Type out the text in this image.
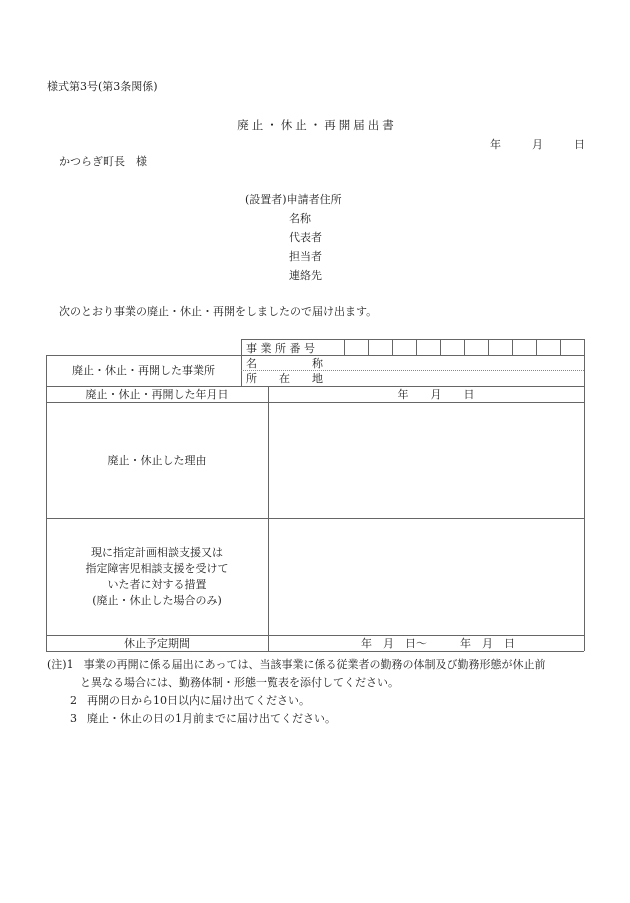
様式第3号(第3条関係)
廃止・休止・再開届出書
年	月	日
かつらぎ町長　様
(設置者)申請者住所
名称
代表者
担当者
連絡先
次のとおり事業の廃止・休止・再開をしましたので届け出ます。
事 業 所 番 号
廃止・休止・再開した事業所
名　　　　　称
所　　在　　地
廃止・休止・再開した年月日	年　　月　　日
廃止・休止した理由
現に指定計画相談支援又は
指定障害児相談支援を受けて
いた者に対する措置
(廃止・休止した場合のみ)
休止予定期間	年　月　日〜　　　年　月　日
(注)1 事業の再開に係る届出にあっては、当該事業に係る従業者の勤務の体制及び勤務形態が休止前
と異なる場合には、勤務体制・形態一覧表を添付してください。
2 再開の日から10日以内に届け出てください。
3 廃止・休止の日の1月前までに届け出てください。
